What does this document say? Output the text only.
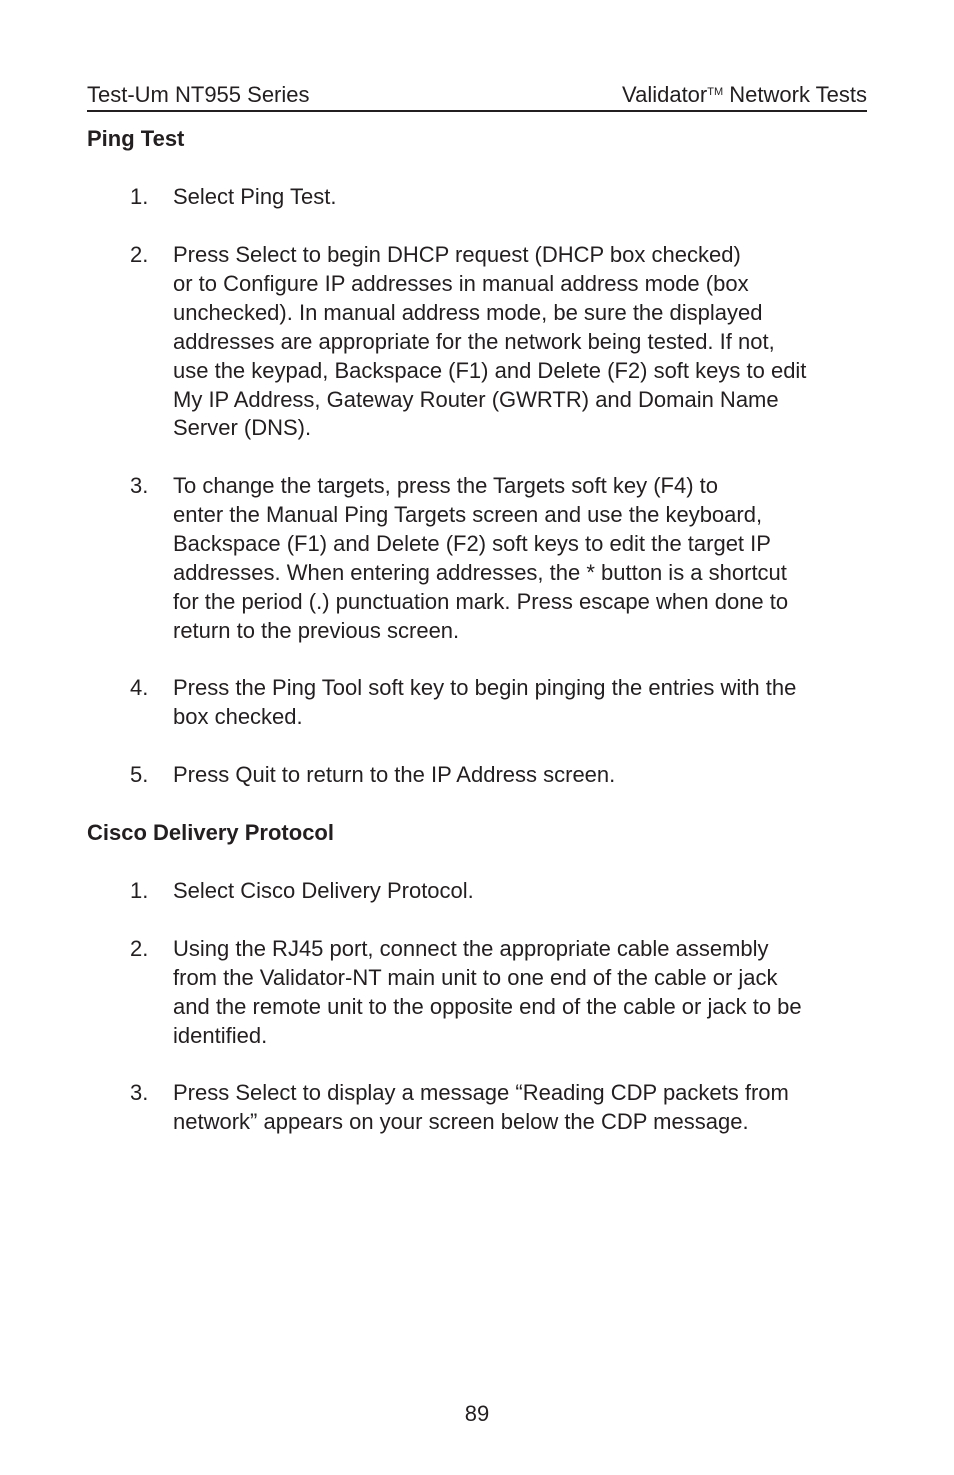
Test-Um NT955 Series	Validator™ Network Tests
Ping Test
1.	Select Ping Test.
2.	Press Select to begin DHCP request (DHCP box checked)
or to Configure IP addresses in manual address mode (box
unchecked). In manual address mode, be sure the displayed
addresses are appropriate for the network being tested. If not,
use the keypad, Backspace (F1) and Delete (F2) soft keys to edit
My IP Address, Gateway Router (GWRTR) and Domain Name
Server (DNS).
3.	To change the targets, press the Targets soft key (F4) to
enter the Manual Ping Targets screen and use the keyboard,
Backspace (F1) and Delete (F2) soft keys to edit the target IP
addresses. When entering addresses, the * button is a shortcut
for the period (.) punctuation mark. Press escape when done to
return to the previous screen.
4.	Press the Ping Tool soft key to begin pinging the entries with the
box checked.
5.	Press Quit to return to the IP Address screen.
Cisco Delivery Protocol
1.	Select Cisco Delivery Protocol.
2.	Using the RJ45 port, connect the appropriate cable assembly
from the Validator-NT main unit to one end of the cable or jack
and the remote unit to the opposite end of the cable or jack to be
identified.
3.	Press Select to display a message “Reading CDP packets from
network” appears on your screen below the CDP message.
89
